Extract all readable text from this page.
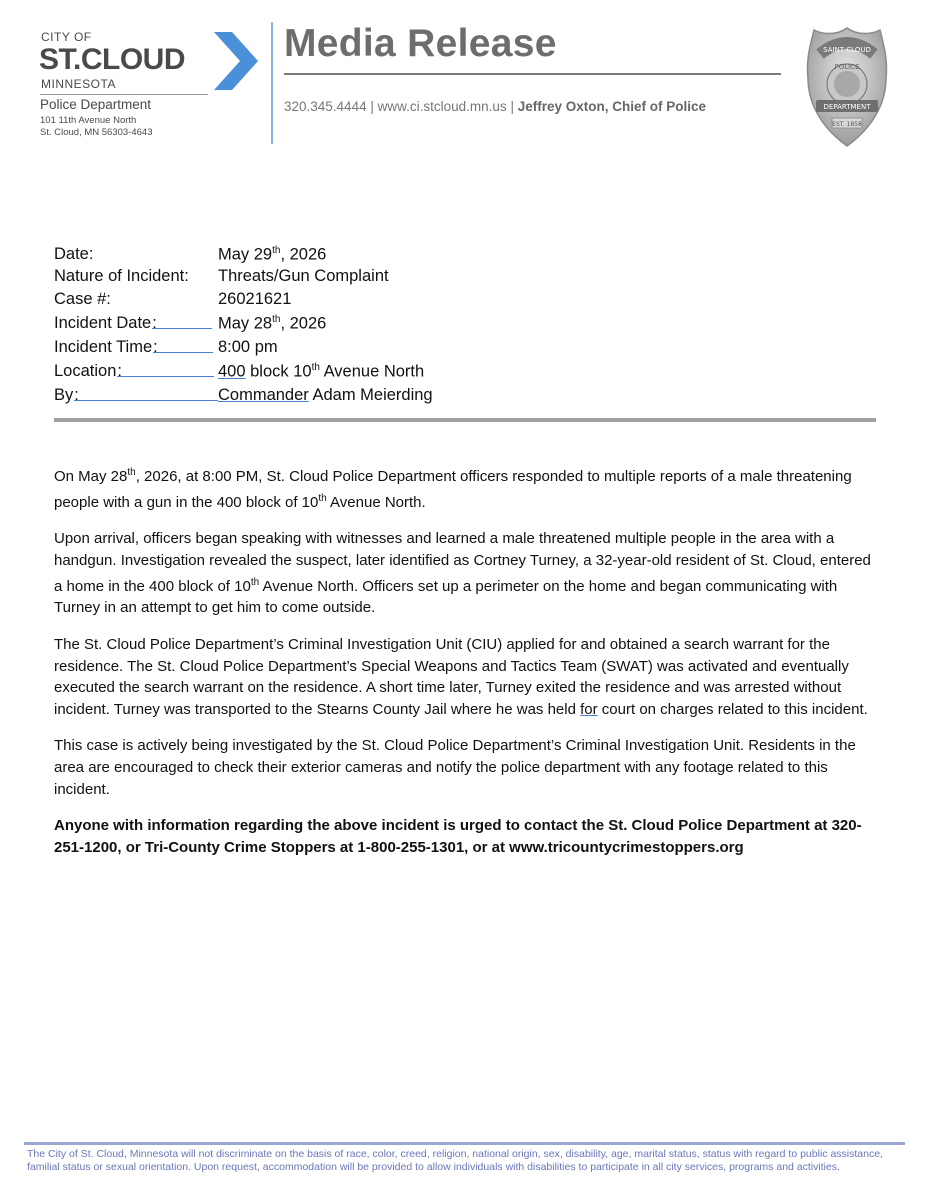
CITY OF
ST.CLOUD
MINNESOTA
Police Department
101 11th Avenue North
St. Cloud, MN 56303-4643
Media Release
320.345.4444 | www.ci.stcloud.mn.us | Jeffrey Oxton, Chief of Police
SAINT CLOUD
POLICE
DEPARTMENT
EST. 1858
Date:	May 29th, 2026
Nature of Incident: Threats/Gun Complaint
Case #:	26021621
Incident Date:	May 28th, 2026
Incident Time:	8:00 pm
Location:	400 block 10th Avenue North
By:	Commander Adam Meierding

On May 28th, 2026, at 8:00 PM, St. Cloud Police Department officers responded to multiple reports of a male threatening people with a gun in the 400 block of 10th Avenue North.

Upon arrival, officers began speaking with witnesses and learned a male threatened multiple people in the area with a handgun. Investigation revealed the suspect, later identified as Cortney Turney, a 32-year-old resident of St. Cloud, entered a home in the 400 block of 10th Avenue North. Officers set up a perimeter on the home and began communicating with Turney in an attempt to get him to come outside.

The St. Cloud Police Department’s Criminal Investigation Unit (CIU) applied for and obtained a search warrant for the residence. The St. Cloud Police Department’s Special Weapons and Tactics Team (SWAT) was activated and eventually executed the search warrant on the residence. A short time later, Turney exited the residence and was arrested without incident. Turney was transported to the Stearns County Jail where he was held for court on charges related to this incident.

This case is actively being investigated by the St. Cloud Police Department’s Criminal Investigation Unit. Residents in the area are encouraged to check their exterior cameras and notify the police department with any footage related to this incident.

Anyone with information regarding the above incident is urged to contact the St. Cloud Police Department at 320-251-1200, or Tri-County Crime Stoppers at 1-800-255-1301, or at www.tricountycrimestoppers.org

The City of St. Cloud, Minnesota will not discriminate on the basis of race, color, creed, religion, national origin, sex, disability, age, marital status, status with regard to public assistance, familial status or sexual orientation. Upon request, accommodation will be provided to allow individuals with disabilities to participate in all city services, programs and activities.
